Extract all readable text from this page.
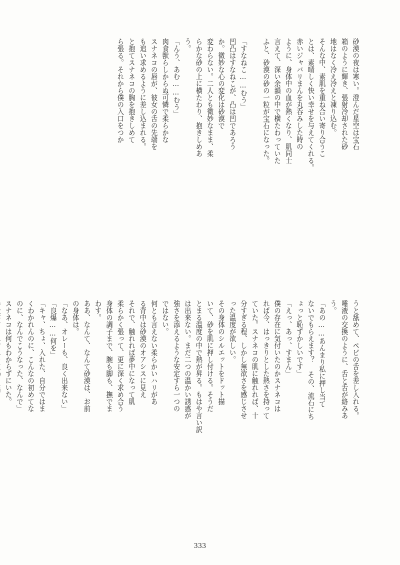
砂漠の夜は寒い。澄んだ星空は宝石
箱のように輝き、張射冷却された砂
地はなく冷え冷えと凍り込む。
そんな中、素肌を重ね合い寄り合うこ
とは、素晴しく快い幸せを与えてくれる。
赤いジャバリまんを丸呑みした時の
ように、身体中の血が熱くなり、肌同士
言えて、深い余韻の中で横たわっていた
ふと、砂漠の砂の一粒が宝石になった。

「すなねこ……むう」
凹凸はすなねこが、凸は凹であろう
か。微妙な心の変化は砂漠で
変わらない。二人とも微妙なまま、柔
らかな砂の上に横たわり、抱きしめあ
う。
「んう、あむ……むう」
肉食獣らしからぬ可憐で柔らかな
スナネコの唇が、彼女の舌の先端を
も追い求めるように差し込まれる。
と抱てスナネコの胸を抱きしめて
ら張る。それから僕の入口をつか
うと舐めて、ペビの舌を差し入れる。
唾液の交換のように、舌と舌が絡みあ
う。
「あの……あんまり私に押し当て
ないでもらえます？ その、流石にち
ょっと恥ずかしいです」
「えっ、あっ、すまん」
僕の存在に気付いたのかスナネコは
れば今、はっきりとした熱さを持って
ていた。スナネコの肌に触れれば、十
分すぎる程、しかし無欲さを感じさせ
った温度が欲しい。
その身体のシルエットをドット描
いて、砂を肌に押し付ける。そうだ
とまる温度の中で熱が昇る。もはや言い訳
は出来ない。まだ二つの温かい誘惑が
強さを添えるような安定すら一つの
ではない。
何とも言えない柔らかいハリがあ
る背中は砂漠のオアシスに見え
それで、触れれば夢中になって肌
柔らかく張って、更に深く求め合う
身体の調子まで、腕も脚も、撫でま
わす。
ああ、なんて、なんて砂漠は、お前
の身体は。
「なあ、オレーも、良く出来ない」
「良爆……何を」
「キャ、ちょ、入れた、自分ではま
くわかれんのに、こんなの初めてな
のに、なんでこうなった、なんで」
スナネコは何もわからずにいた。
333
